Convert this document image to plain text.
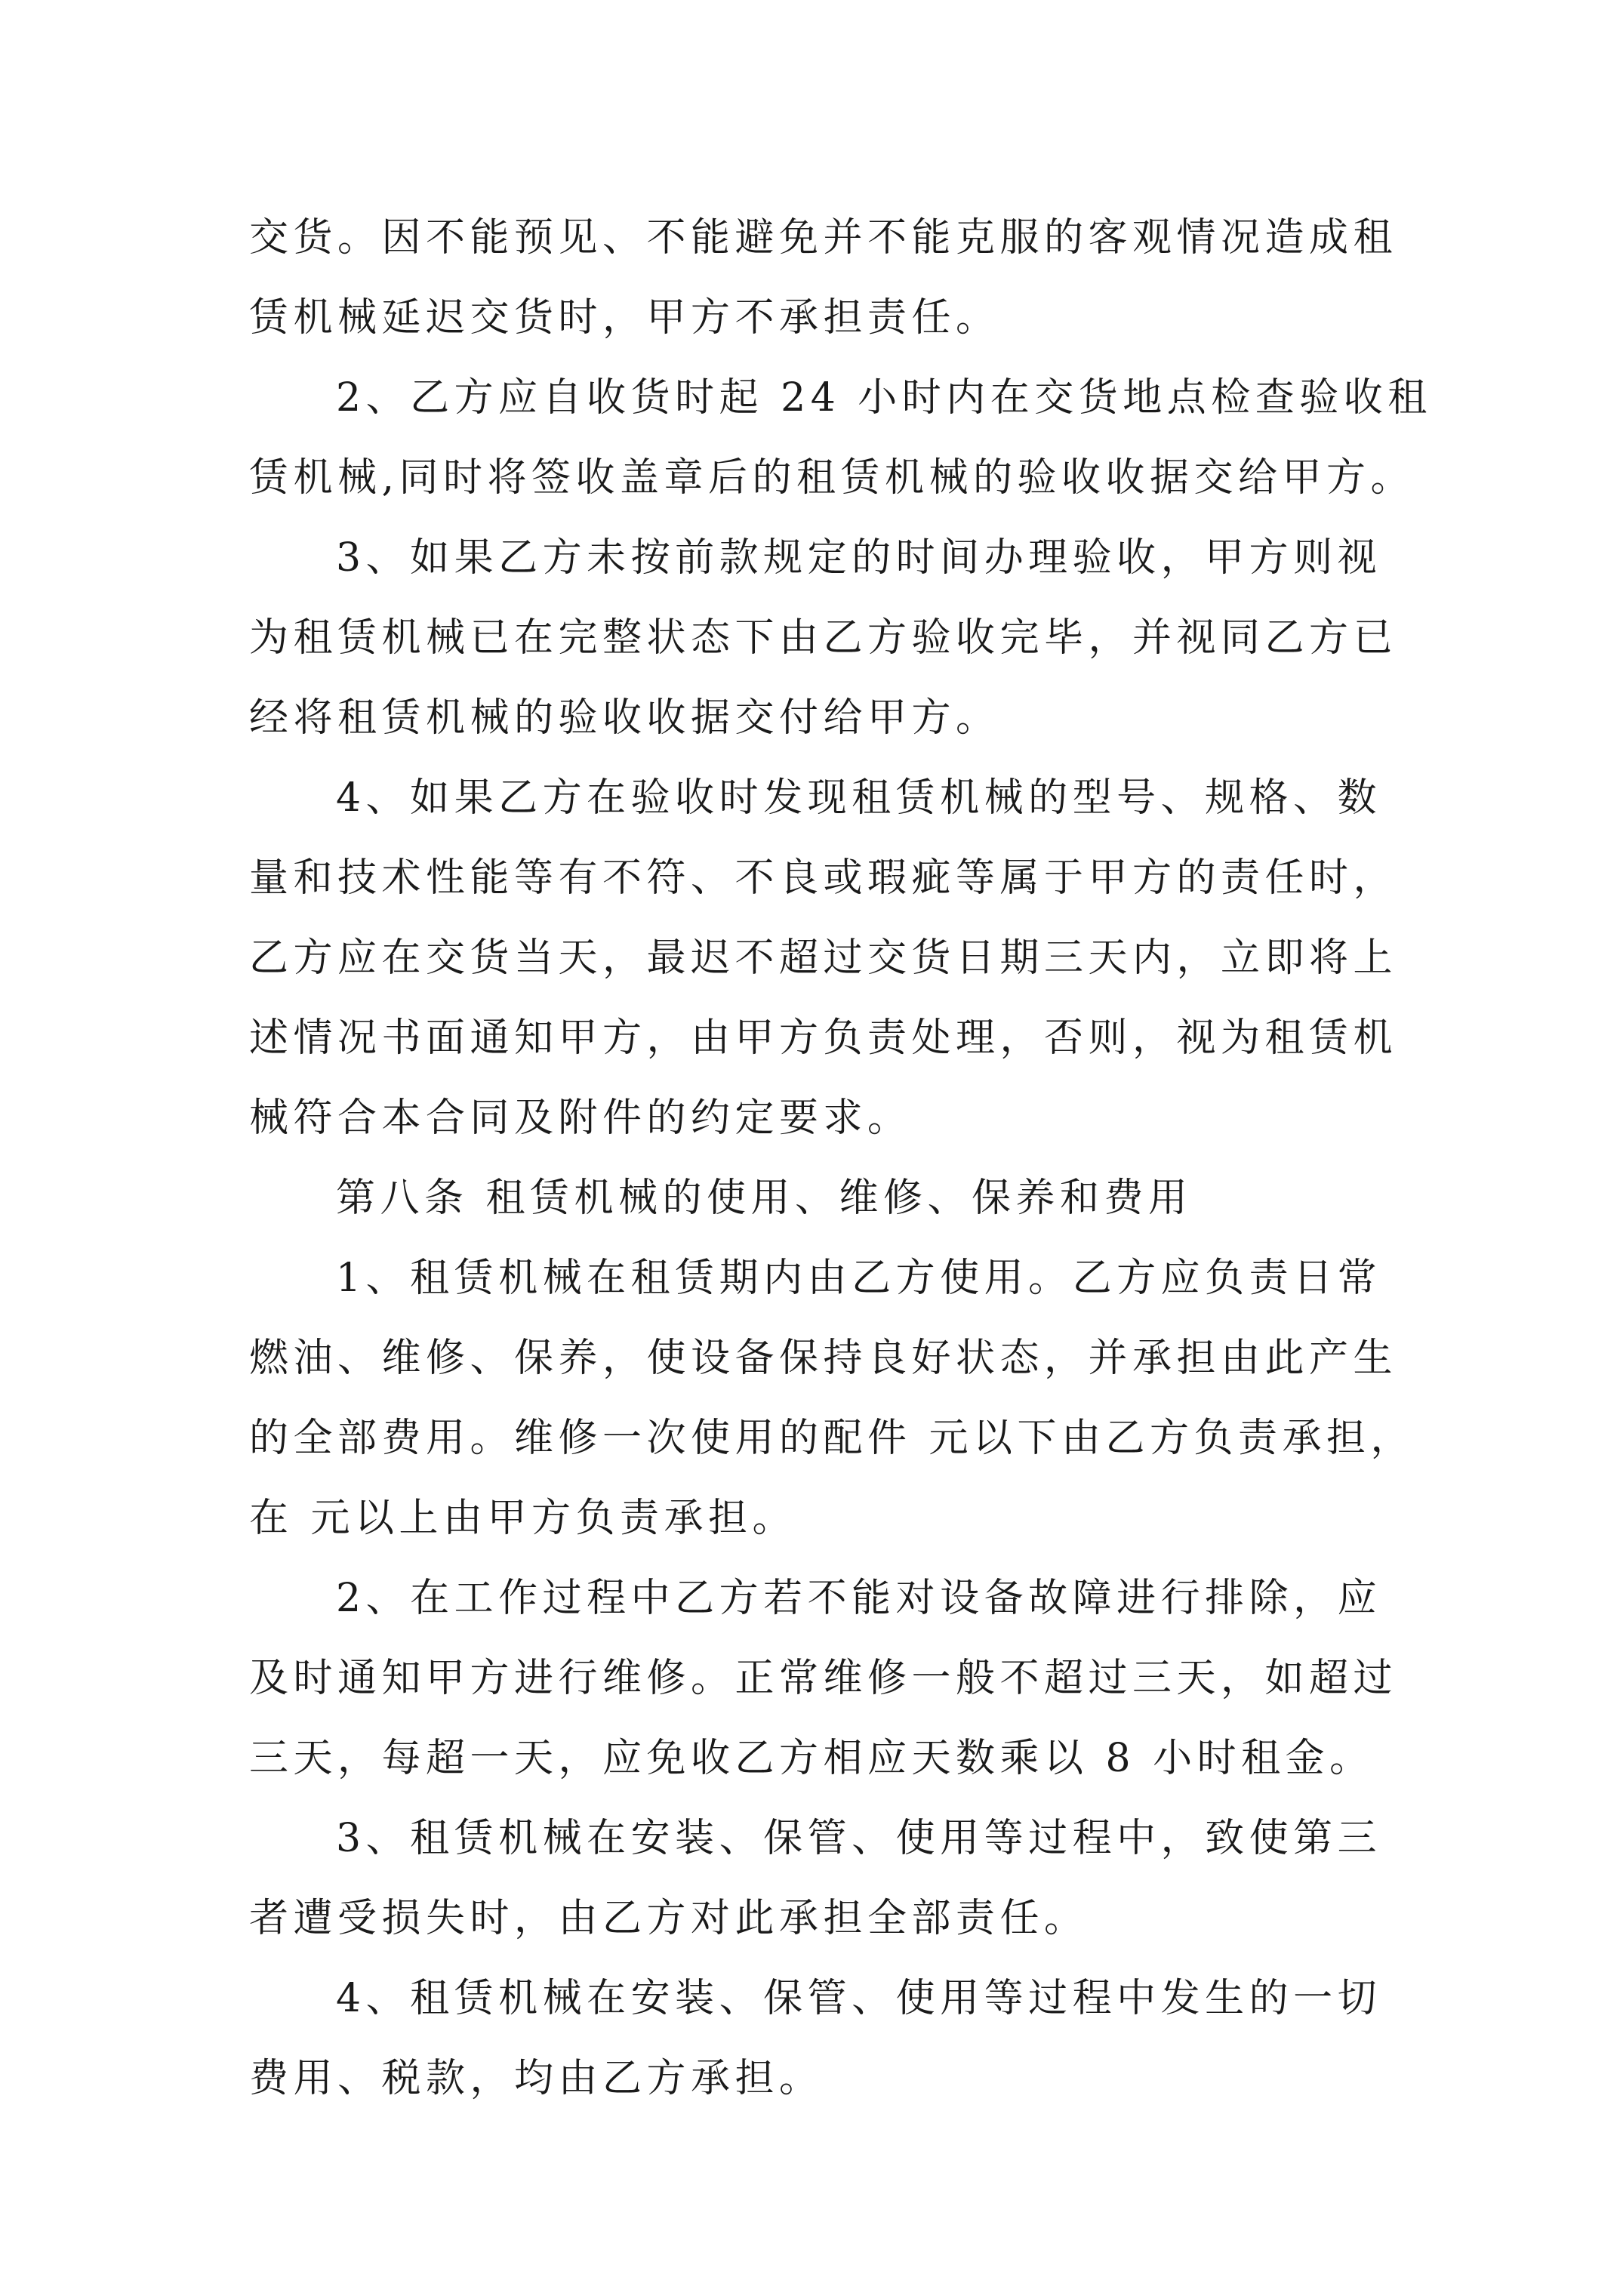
交货。因不能预见、不能避免并不能克服的客观情况造成租
赁机械延迟交货时，甲方不承担责任。
2、乙方应自收货时起 24 小时内在交货地点检查验收租
赁机械,同时将签收盖章后的租赁机械的验收收据交给甲方。
3、如果乙方未按前款规定的时间办理验收，甲方则视
为租赁机械已在完整状态下由乙方验收完毕，并视同乙方已
经将租赁机械的验收收据交付给甲方。
4、如果乙方在验收时发现租赁机械的型号、规格、数
量和技术性能等有不符、不良或瑕疵等属于甲方的责任时，
乙方应在交货当天，最迟不超过交货日期三天内，立即将上
述情况书面通知甲方，由甲方负责处理，否则，视为租赁机
械符合本合同及附件的约定要求。
第八条 租赁机械的使用、维修、保养和费用
1、租赁机械在租赁期内由乙方使用。乙方应负责日常
燃油、维修、保养，使设备保持良好状态，并承担由此产生
的全部费用。维修一次使用的配件 元以下由乙方负责承担，
在 元以上由甲方负责承担。
2、在工作过程中乙方若不能对设备故障进行排除，应
及时通知甲方进行维修。正常维修一般不超过三天，如超过
三天，每超一天，应免收乙方相应天数乘以 8 小时租金。
3、租赁机械在安装、保管、使用等过程中，致使第三
者遭受损失时，由乙方对此承担全部责任。
4、租赁机械在安装、保管、使用等过程中发生的一切
费用、税款，均由乙方承担。
